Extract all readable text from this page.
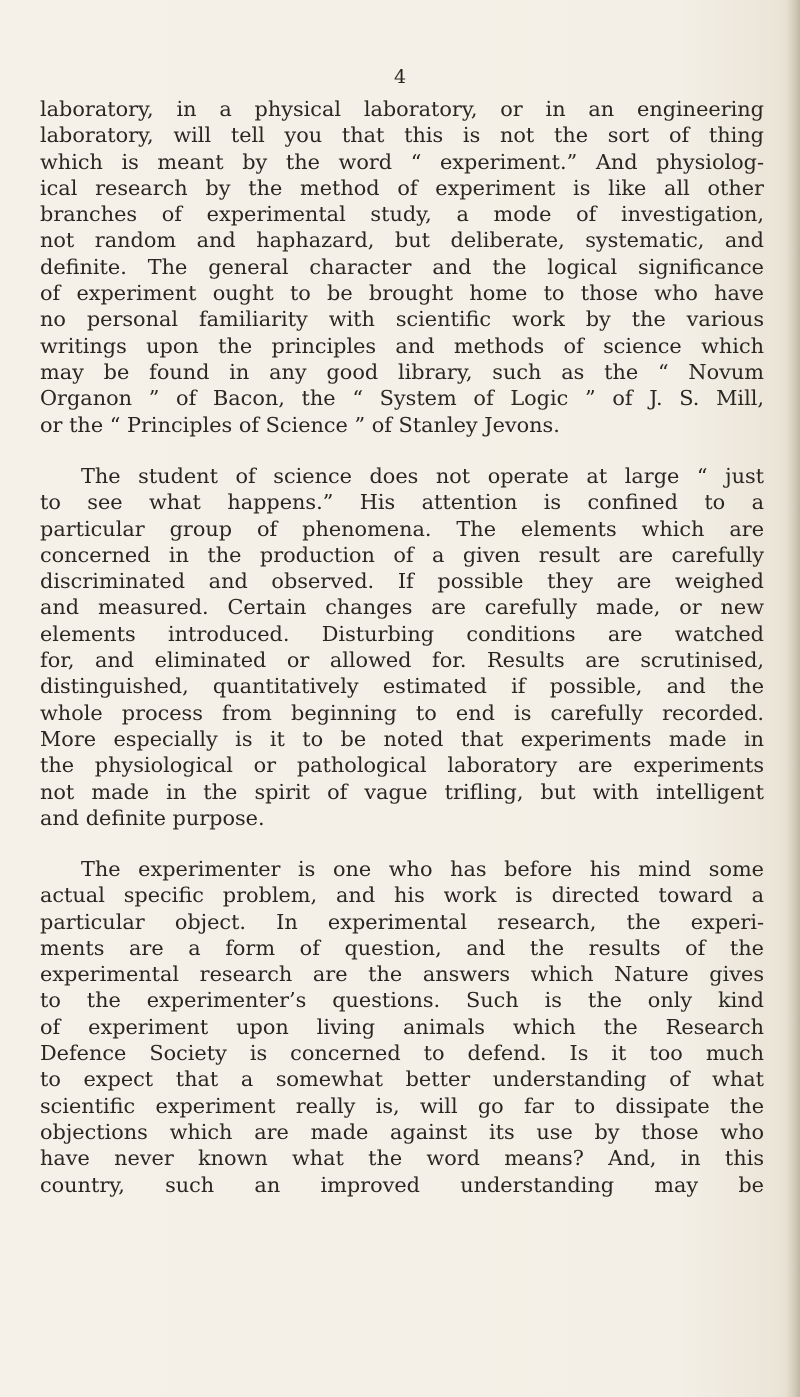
4
laboratory, in a physical laboratory, or in an engineering
laboratory, will tell you that this is not the sort of thing
which is meant by the word “ experiment.” And physiolog-
ical research by the method of experiment is like all other
branches of experimental study, a mode of investigation,
not random and haphazard, but deliberate, systematic, and
definite. The general character and the logical significance
of experiment ought to be brought home to those who have
no personal familiarity with scientific work by the various
writings upon the principles and methods of science which
may be found in any good library, such as the “ Novum
Organon ” of Bacon, the “ System of Logic ” of J. S. Mill,
or the “ Principles of Science ” of Stanley Jevons.
The student of science does not operate at large “ just
to see what happens.” His attention is confined to a
particular group of phenomena. The elements which are
concerned in the production of a given result are carefully
discriminated and observed. If possible they are weighed
and measured. Certain changes are carefully made, or new
elements introduced. Disturbing conditions are watched
for, and eliminated or allowed for. Results are scrutinised,
distinguished, quantitatively estimated if possible, and the
whole process from beginning to end is carefully recorded.
More especially is it to be noted that experiments made in
the physiological or pathological laboratory are experiments
not made in the spirit of vague trifling, but with intelligent
and definite purpose.
The experimenter is one who has before his mind some
actual specific problem, and his work is directed toward a
particular object. In experimental research, the experi-
ments are a form of question, and the results of the
experimental research are the answers which Nature gives
to the experimenter’s questions. Such is the only kind
of experiment upon living animals which the Research
Defence Society is concerned to defend. Is it too much
to expect that a somewhat better understanding of what
scientific experiment really is, will go far to dissipate the
objections which are made against its use by those who
have never known what the word means? And, in this
country, such an improved understanding may be
